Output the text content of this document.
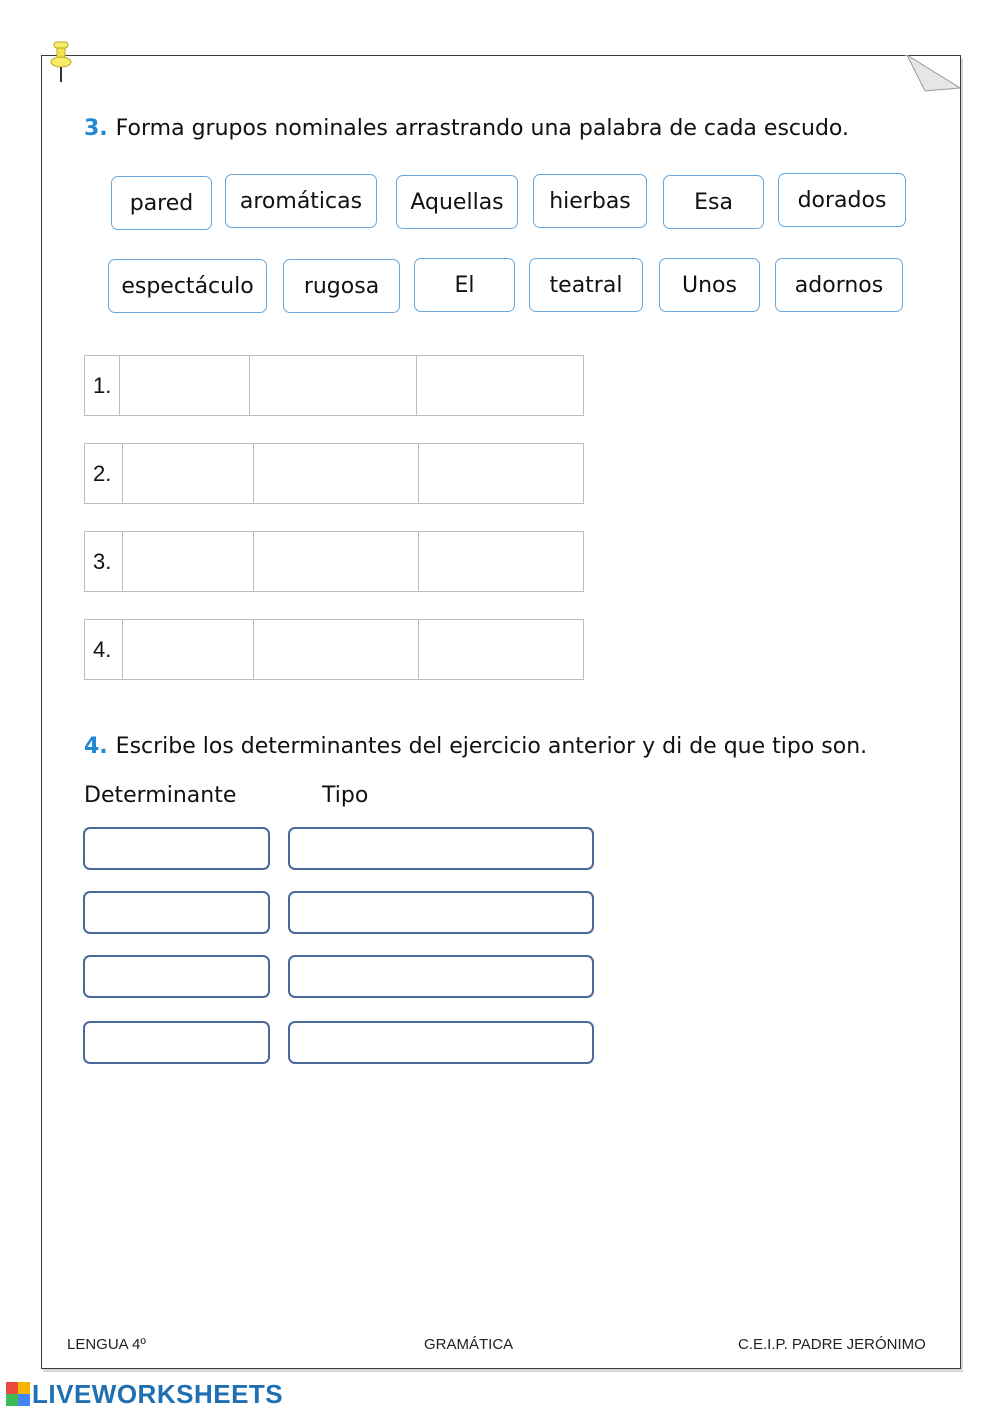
3. Forma grupos nominales arrastrando una palabra de cada escudo.
pared	aromáticas	Aquellas	hierbas	Esa	dorados
espectáculo	rugosa	El	teatral	Unos	adornos
1.
2.
3.
4.
4. Escribe los determinantes del ejercicio anterior y di de que tipo son.
Determinante	Tipo
LENGUA 4º	GRAMÁTICA	C.E.I.P. PADRE JERÓNIMO
LIVEWORKSHEETS
